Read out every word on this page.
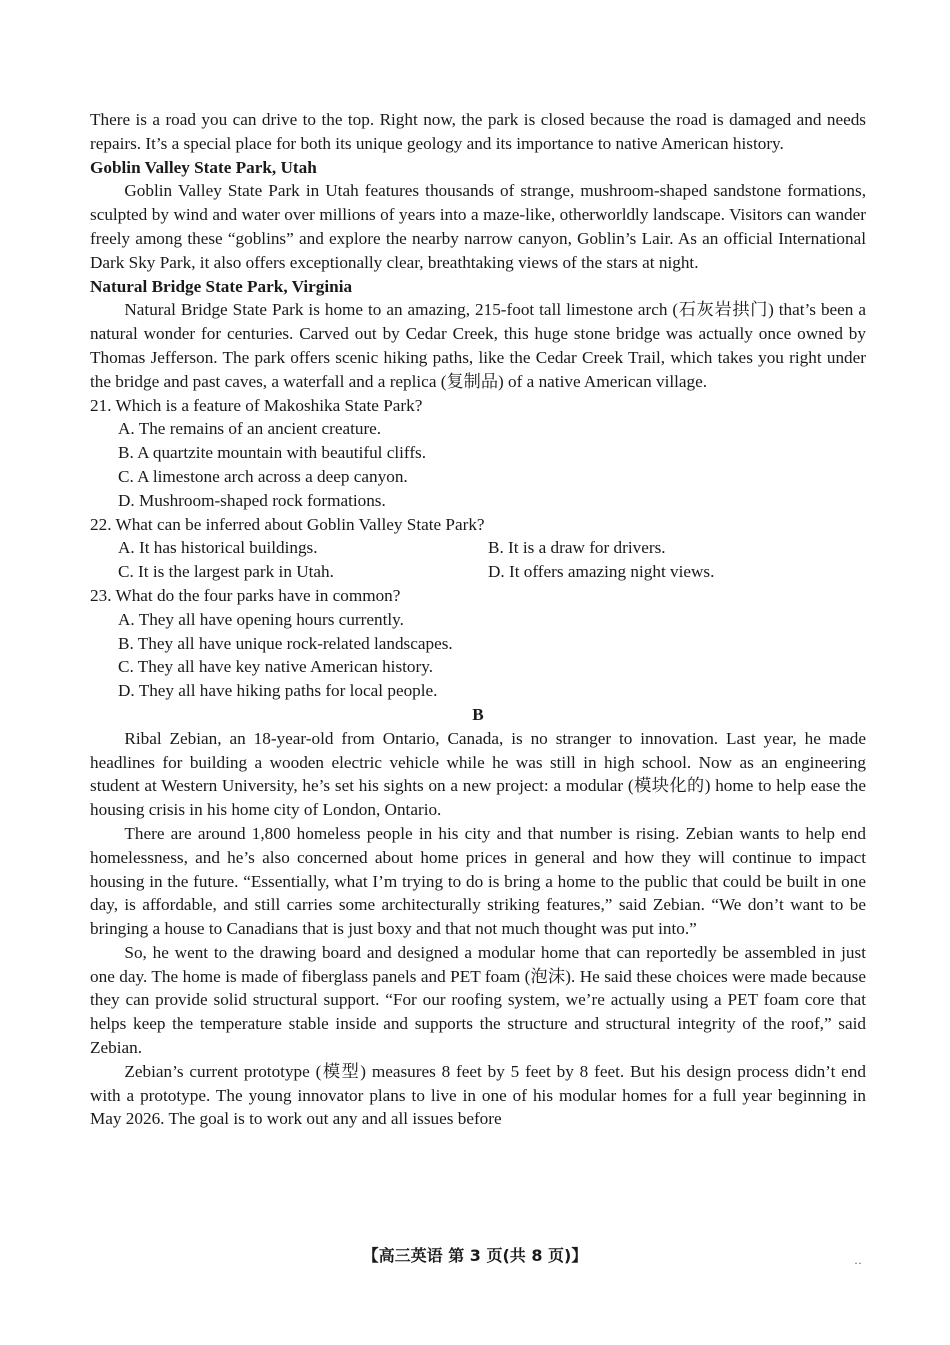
There is a road you can drive to the top. Right now, the park is closed because the road is damaged and needs repairs. It’s a special place for both its unique geology and its importance to native American history.

Goblin Valley State Park, Utah

Goblin Valley State Park in Utah features thousands of strange, mushroom-shaped sandstone formations, sculpted by wind and water over millions of years into a maze-like, otherworldly landscape. Visitors can wander freely among these “goblins” and explore the nearby narrow canyon, Goblin’s Lair. As an official International Dark Sky Park, it also offers exceptionally clear, breathtaking views of the stars at night.

Natural Bridge State Park, Virginia

Natural Bridge State Park is home to an amazing, 215-foot tall limestone arch (石灰岩拱门) that’s been a natural wonder for centuries. Carved out by Cedar Creek, this huge stone bridge was actually once owned by Thomas Jefferson. The park offers scenic hiking paths, like the Cedar Creek Trail, which takes you right under the bridge and past caves, a waterfall and a replica (复制品) of a native American village.

21. Which is a feature of Makoshika State Park?

A. The remains of an ancient creature.

B. A quartzite mountain with beautiful cliffs.

C. A limestone arch across a deep canyon.

D. Mushroom-shaped rock formations.

22. What can be inferred about Goblin Valley State Park?

A. It has historical buildings.	B. It is a draw for drivers.
C. It is the largest park in Utah.	D. It offers amazing night views.

23. What do the four parks have in common?

A. They all have opening hours currently.

B. They all have unique rock-related landscapes.

C. They all have key native American history.

D. They all have hiking paths for local people.

B

Ribal Zebian, an 18-year-old from Ontario, Canada, is no stranger to innovation. Last year, he made headlines for building a wooden electric vehicle while he was still in high school. Now as an engineering student at Western University, he’s set his sights on a new project: a modular (模块化的) home to help ease the housing crisis in his home city of London, Ontario.

There are around 1,800 homeless people in his city and that number is rising. Zebian wants to help end homelessness, and he’s also concerned about home prices in general and how they will continue to impact housing in the future. “Essentially, what I’m trying to do is bring a home to the public that could be built in one day, is affordable, and still carries some architecturally striking features,” said Zebian. “We don’t want to be bringing a house to Canadians that is just boxy and that not much thought was put into.”

So, he went to the drawing board and designed a modular home that can reportedly be assembled in just one day. The home is made of fiberglass panels and PET foam (泡沫). He said these choices were made because they can provide solid structural support. “For our roofing system, we’re actually using a PET foam core that helps keep the temperature stable inside and supports the structure and structural integrity of the roof,” said Zebian.

Zebian’s current prototype (模型) measures 8 feet by 5 feet by 8 feet. But his design process didn’t end with a prototype. The young innovator plans to live in one of his modular homes for a full year beginning in May 2026. The goal is to work out any and all issues before

【高三英语 第 3 页(共 8 页)】	··
